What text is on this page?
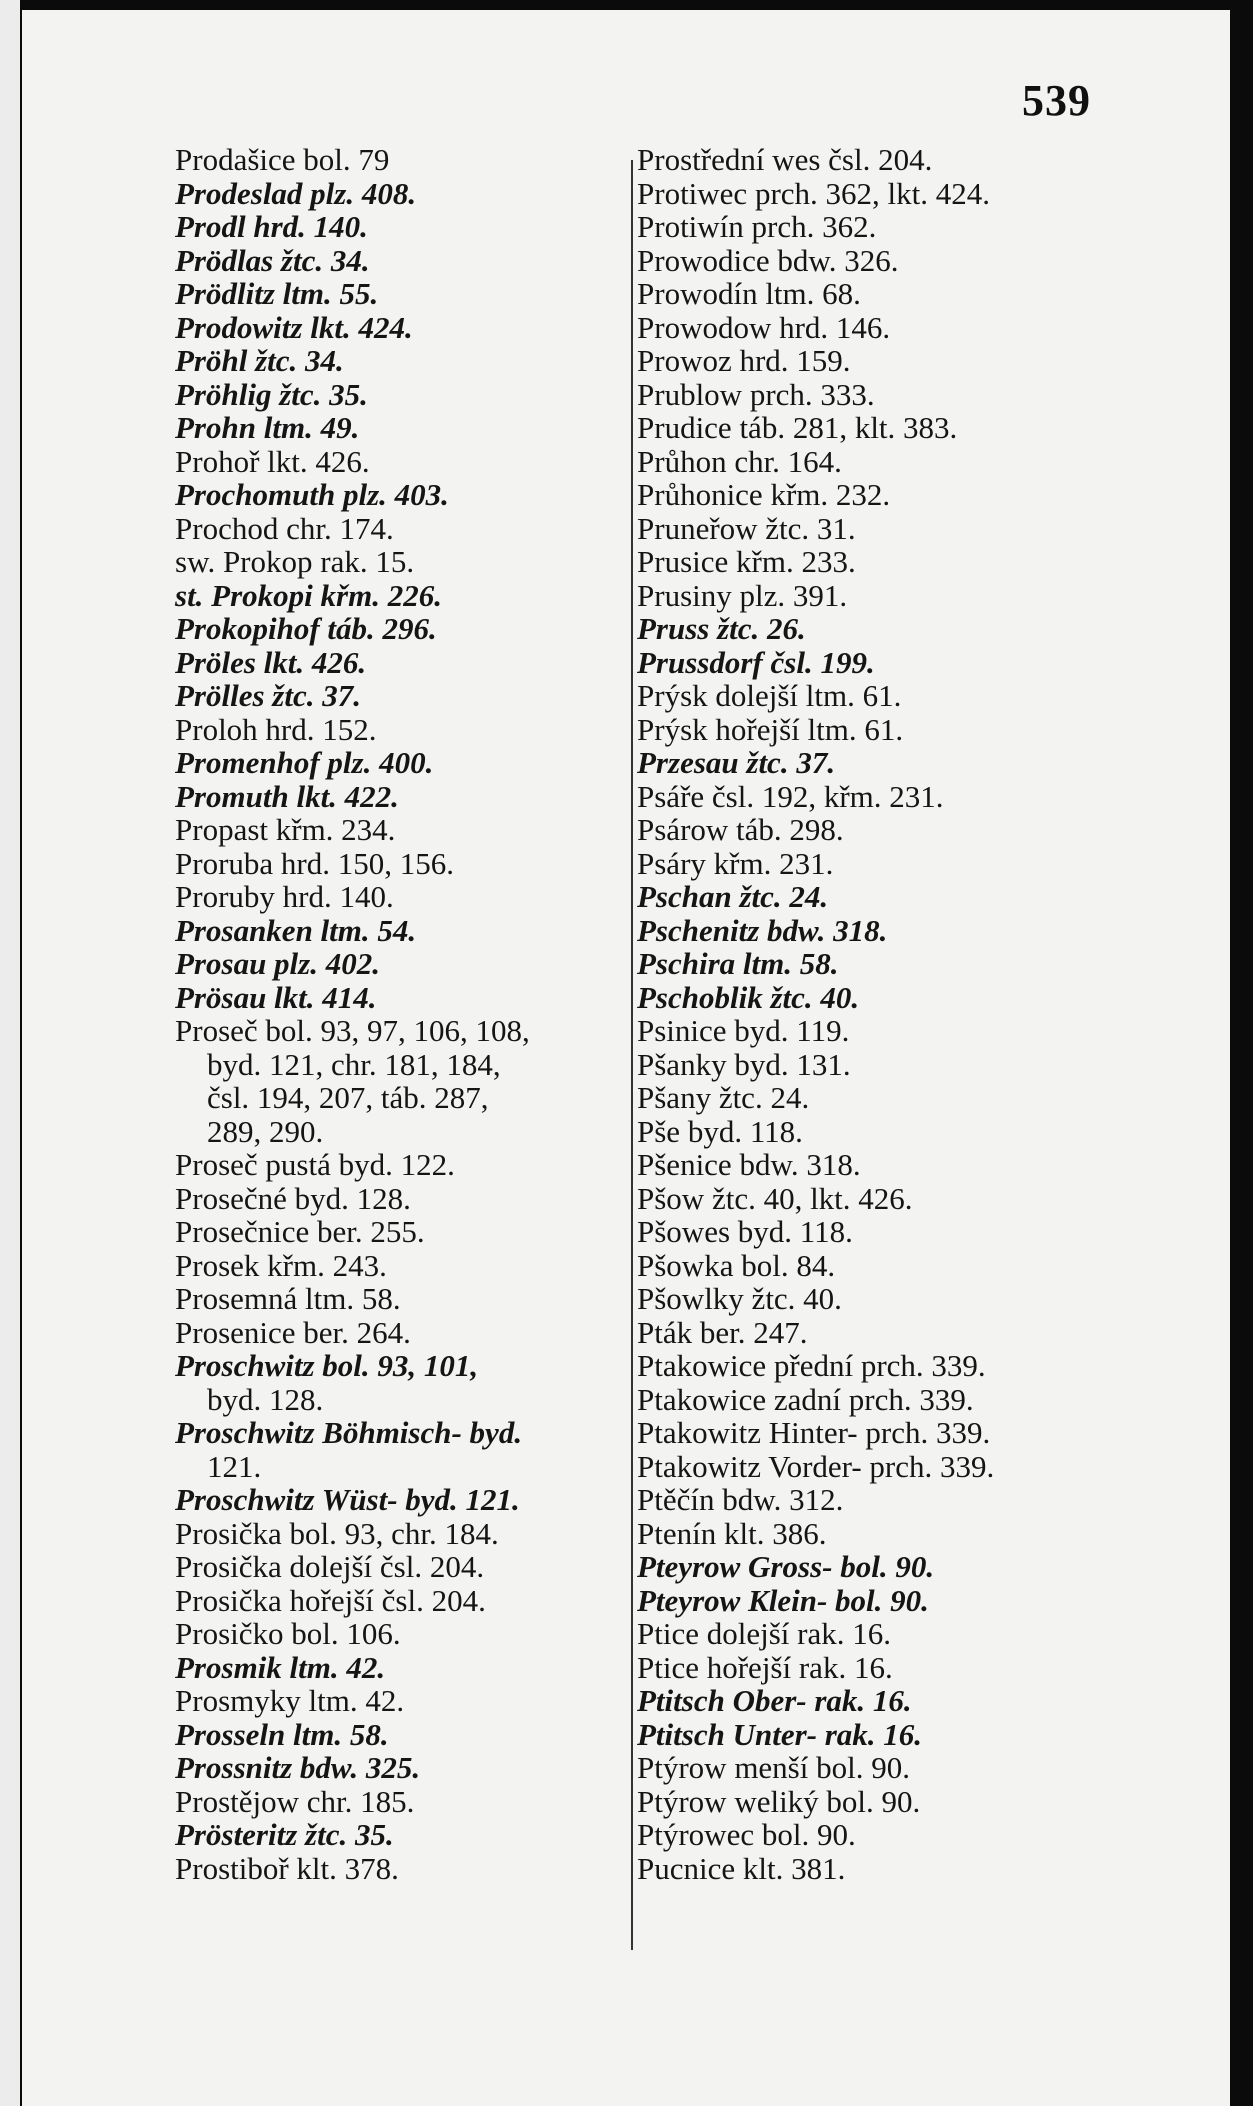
539
Prodašice bol. 79
Prodeslad plz. 408.
Prodl hrd. 140.
Prödlas žtc. 34.
Prödlitz ltm. 55.
Prodowitz lkt. 424.
Pröhl žtc. 34.
Pröhlig žtc. 35.
Prohn ltm. 49.
Prohoř lkt. 426.
Prochomuth plz. 403.
Prochod chr. 174.
sw. Prokop rak. 15.
st. Prokopi křm. 226.
Prokopihof táb. 296.
Pröles lkt. 426.
Prölles žtc. 37.
Proloh hrd. 152.
Promenhof plz. 400.
Promuth lkt. 422.
Propast křm. 234.
Proruba hrd. 150, 156.
Proruby hrd. 140.
Prosanken ltm. 54.
Prosau plz. 402.
Prösau lkt. 414.
Proseč bol. 93, 97, 106, 108,
byd. 121, chr. 181, 184,
čsl. 194, 207, táb. 287,
289, 290.
Proseč pustá byd. 122.
Prosečné byd. 128.
Prosečnice ber. 255.
Prosek křm. 243.
Prosemná ltm. 58.
Prosenice ber. 264.
Proschwitz bol. 93, 101,
byd. 128.
Proschwitz Böhmisch- byd.
121.
Proschwitz Wüst- byd. 121.
Prosička bol. 93, chr. 184.
Prosička dolejší čsl. 204.
Prosička hořejší čsl. 204.
Prosičko bol. 106.
Prosmik ltm. 42.
Prosmyky ltm. 42.
Prosseln ltm. 58.
Prossnitz bdw. 325.
Prostějow chr. 185.
Prösteritz žtc. 35.
Prostiboř klt. 378.
Prostřední wes čsl. 204.
Protiwec prch. 362, lkt. 424.
Protiwín prch. 362.
Prowodice bdw. 326.
Prowodín ltm. 68.
Prowodow hrd. 146.
Prowoz hrd. 159.
Prublow prch. 333.
Prudice táb. 281, klt. 383.
Průhon chr. 164.
Průhonice křm. 232.
Pruneřow žtc. 31.
Prusice křm. 233.
Prusiny plz. 391.
Pruss žtc. 26.
Prussdorf čsl. 199.
Prýsk dolejší ltm. 61.
Prýsk hořejší ltm. 61.
Przesau žtc. 37.
Psáře čsl. 192, křm. 231.
Psárow táb. 298.
Psáry křm. 231.
Pschan žtc. 24.
Pschenitz bdw. 318.
Pschira ltm. 58.
Pschoblik žtc. 40.
Psinice byd. 119.
Pšanky byd. 131.
Pšany žtc. 24.
Pše byd. 118.
Pšenice bdw. 318.
Pšow žtc. 40, lkt. 426.
Pšowes byd. 118.
Pšowka bol. 84.
Pšowlky žtc. 40.
Pták ber. 247.
Ptakowice přední prch. 339.
Ptakowice zadní prch. 339.
Ptakowitz Hinter- prch. 339.
Ptakowitz Vorder- prch. 339.
Ptěčín bdw. 312.
Ptenín klt. 386.
Pteyrow Gross- bol. 90.
Pteyrow Klein- bol. 90.
Ptice dolejší rak. 16.
Ptice hořejší rak. 16.
Ptitsch Ober- rak. 16.
Ptitsch Unter- rak. 16.
Ptýrow menší bol. 90.
Ptýrow weliký bol. 90.
Ptýrowec bol. 90.
Pucnice klt. 381.
